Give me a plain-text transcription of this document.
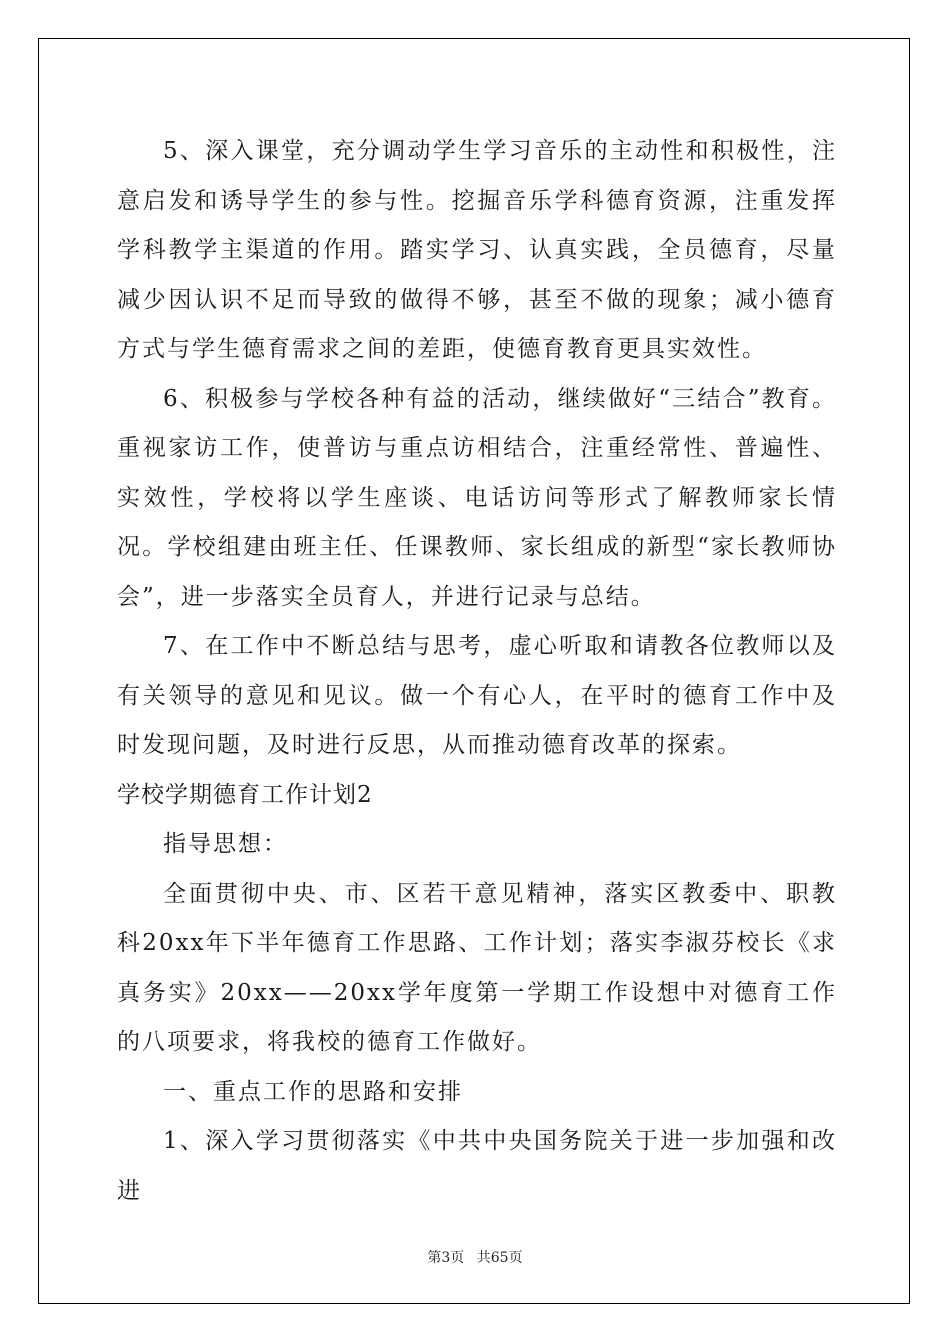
5、深入课堂，充分调动学生学习音乐的主动性和积极性，注意启发和诱导学生的参与性。挖掘音乐学科德育资源，注重发挥学科教学主渠道的作用。踏实学习、认真实践，全员德育，尽量减少因认识不足而导致的做得不够，甚至不做的现象；减小德育方式与学生德育需求之间的差距，使德育教育更具实效性。

6、积极参与学校各种有益的活动，继续做好“三结合”教育。重视家访工作，使普访与重点访相结合，注重经常性、普遍性、实效性，学校将以学生座谈、电话访问等形式了解教师家长情况。学校组建由班主任、任课教师、家长组成的新型“家长教师协会”，进一步落实全员育人，并进行记录与总结。

7、在工作中不断总结与思考，虚心听取和请教各位教师以及有关领导的意见和见议。做一个有心人，在平时的德育工作中及时发现问题，及时进行反思，从而推动德育改革的探索。

学校学期德育工作计划2

指导思想：

全面贯彻中央、市、区若干意见精神，落实区教委中、职教科20xx年下半年德育工作思路、工作计划；落实李淑芬校长《求真务实》20xx——20xx学年度第一学期工作设想中对德育工作的八项要求，将我校的德育工作做好。

一、重点工作的思路和安排

1、深入学习贯彻落实《中共中央国务院关于进一步加强和改进

第3页 共65页
